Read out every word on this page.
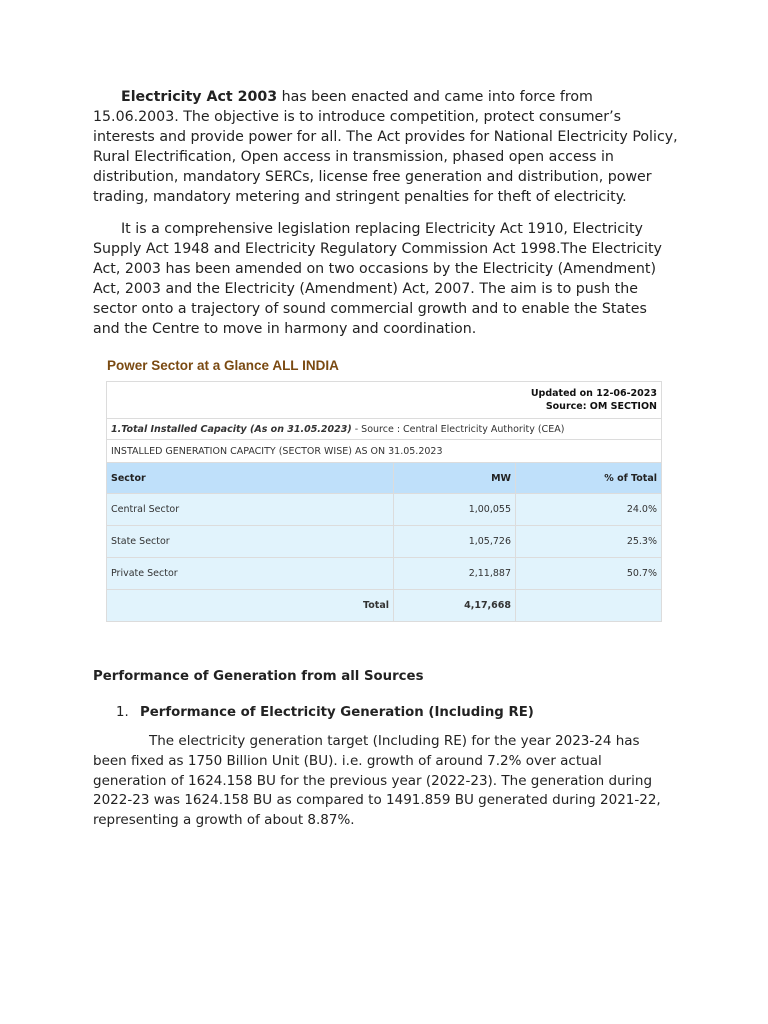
Electricity Act 2003 has been enacted and came into force from 15.06.2003. The objective is to introduce competition, protect consumer’s interests and provide power for all. The Act provides for National Electricity Policy, Rural Electrification, Open access in transmission, phased open access in distribution, mandatory SERCs, license free generation and distribution, power trading, mandatory metering and stringent penalties for theft of electricity.
It is a comprehensive legislation replacing Electricity Act 1910, Electricity Supply Act 1948 and Electricity Regulatory Commission Act 1998.The Electricity Act, 2003 has been amended on two occasions by the Electricity (Amendment) Act, 2003 and the Electricity (Amendment) Act, 2007. The aim is to push the sector onto a trajectory of sound commercial growth and to enable the States and the Centre to move in harmony and coordination.
Power Sector at a Glance ALL INDIA
Updated on 12-06-2023
Source: OM SECTION		

1.Total Installed Capacity (As on 31.05.2023) - Source : Central Electricity Authority (CEA)		
INSTALLED GENERATION CAPACITY (SECTOR WISE) AS ON 31.05.2023		
Sector	MW	% of Total
Central Sector	1,00,055	24.0%
State Sector	1,05,726	25.3%
Private Sector	2,11,887	50.7%
Total	4,17,668	
Performance of Generation from all Sources
1. Performance of Electricity Generation (Including RE)
The electricity generation target (Including RE) for the year 2023-24 has been fixed as 1750 Billion Unit (BU). i.e. growth of around 7.2% over actual generation of 1624.158 BU for the previous year (2022-23). The generation during 2022-23 was 1624.158 BU as compared to 1491.859 BU generated during 2021-22, representing a growth of about 8.87%.
